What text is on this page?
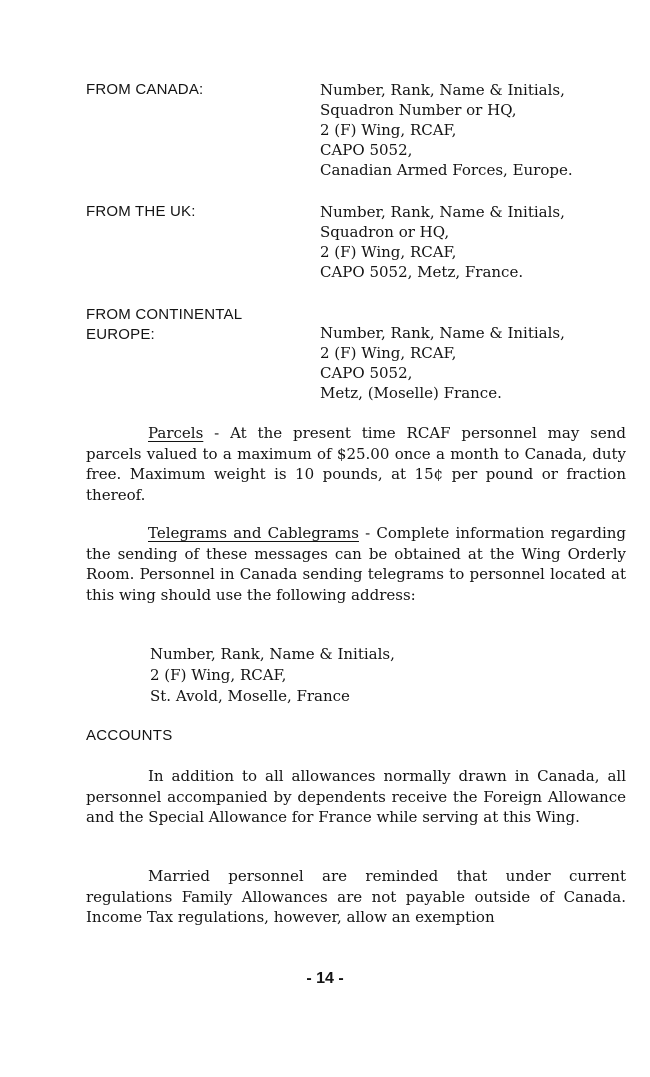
FROM CANADA:	Number, Rank, Name & Initials,
Squadron Number or HQ,
2 (F) Wing, RCAF,
CAPO 5052,
Canadian Armed Forces, Europe.
FROM THE UK:	Number, Rank, Name & Initials,
Squadron or HQ,
2 (F) Wing, RCAF,
CAPO 5052, Metz, France.
FROM CONTINENTAL
EUROPE:	Number, Rank, Name & Initials,
2 (F) Wing, RCAF,
CAPO 5052,
Metz, (Moselle) France.
Parcels - At the present time RCAF personnel may send parcels valued to a maximum of $25.00 once a month to Canada, duty free. Maximum weight is 10 pounds, at 15¢ per pound or fraction thereof.
Telegrams and Cablegrams - Complete information regarding the sending of these messages can be obtained at the Wing Orderly Room. Personnel in Canada sending telegrams to personnel located at this wing should use the following address:
Number, Rank, Name & Initials,
2 (F) Wing, RCAF,
St. Avold, Moselle, France
ACCOUNTS
In addition to all allowances normally drawn in Canada, all personnel accompanied by dependents receive the Foreign Allowance and the Special Allowance for France while serving at this Wing.
Married personnel are reminded that under current regulations Family Allowances are not payable outside of Canada. Income Tax regulations, however, allow an exemption
- 14 -
